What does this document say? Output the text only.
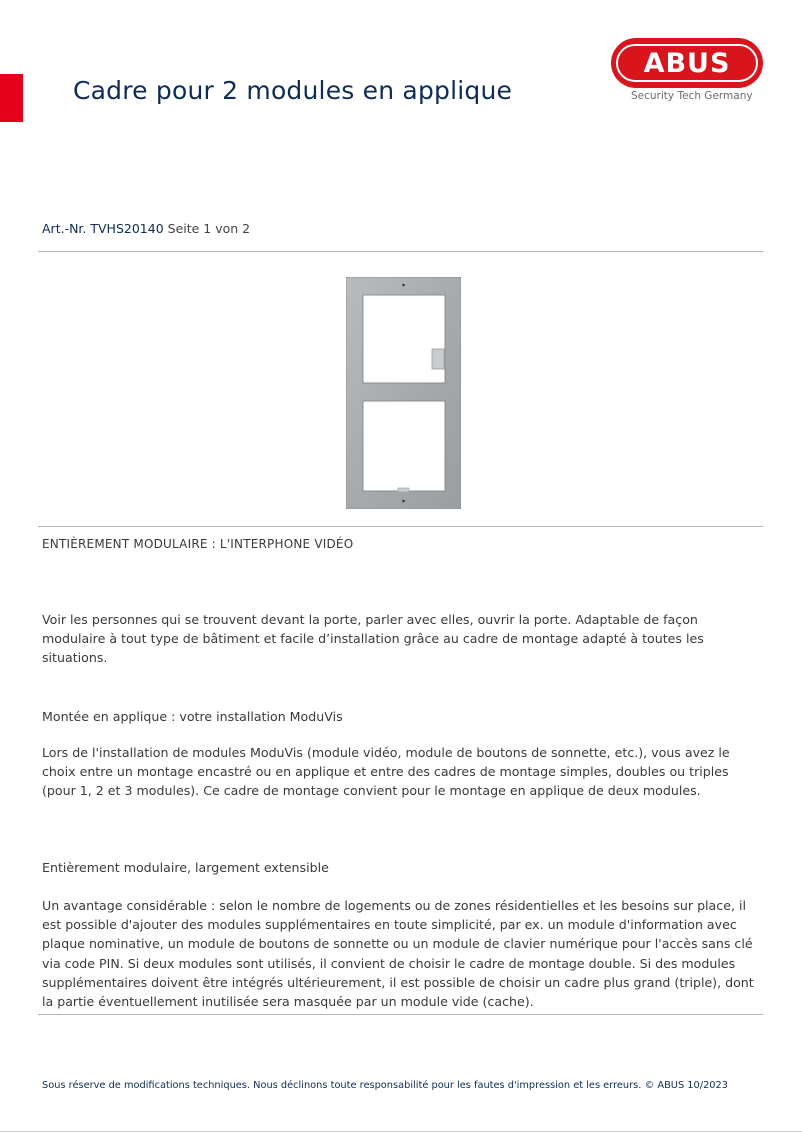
Cadre pour 2 modules en applique
ABUS
Security Tech Germany
Art.-Nr. TVHS20140 Seite 1 von 2
ENTIÈREMENT MODULAIRE : L'INTERPHONE VIDÉO

Voir les personnes qui se trouvent devant la porte, parler avec elles, ouvrir la porte. Adaptable de façon modulaire à tout type de bâtiment et facile d’installation grâce au cadre de montage adapté à toutes les situations.

Montée en applique : votre installation ModuVis

Lors de l'installation de modules ModuVis (module vidéo, module de boutons de sonnette, etc.), vous avez le choix entre un montage encastré ou en applique et entre des cadres de montage simples, doubles ou triples (pour 1, 2 et 3 modules). Ce cadre de montage convient pour le montage en applique de deux modules.

Entièrement modulaire, largement extensible

Un avantage considérable : selon le nombre de logements ou de zones résidentielles et les besoins sur place, il est possible d'ajouter des modules supplémentaires en toute simplicité, par ex. un module d'information avec plaque nominative, un module de boutons de sonnette ou un module de clavier numérique pour l'accès sans clé via code PIN. Si deux modules sont utilisés, il convient de choisir le cadre de montage double. Si des modules supplémentaires doivent être intégrés ultérieurement, il est possible de choisir un cadre plus grand (triple), dont la partie éventuellement inutilisée sera masquée par un module vide (cache).

Sous réserve de modifications techniques. Nous déclinons toute responsabilité pour les fautes d'impression et les erreurs. © ABUS 10/2023
